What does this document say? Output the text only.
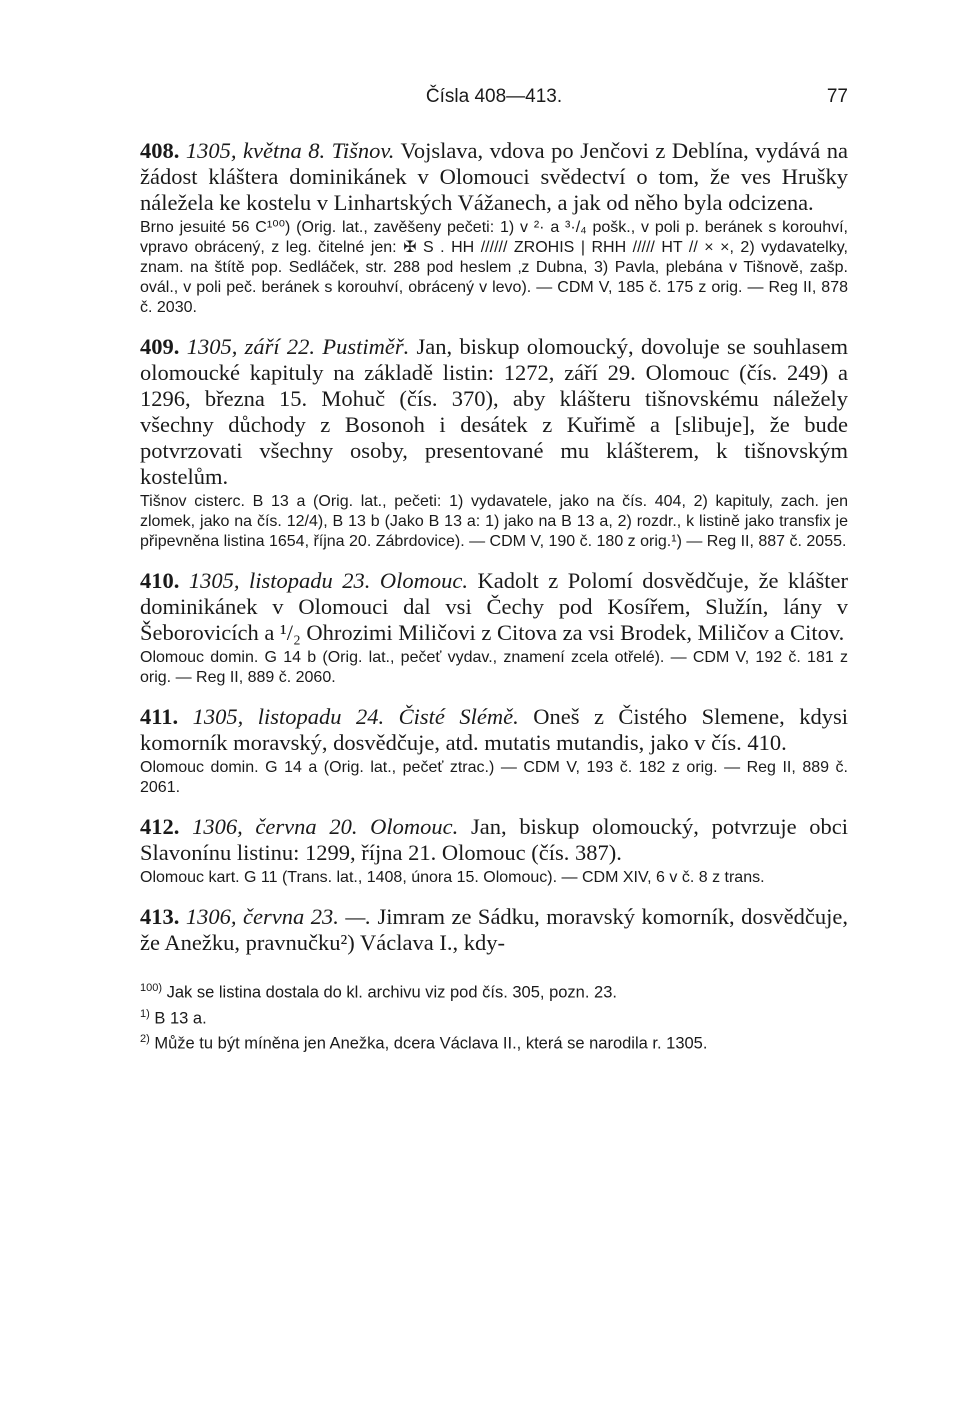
Čísla 408—413.	77
408. 1305, května 8. Tišnov. Vojslava, vdova po Jenčovi z Deblína, vydává na žádost kláštera dominikánek v Olomouci svědectví o tom, že ves Hrušky náležela ke kostelu v Linhartských Vážanech, a jak od něho byla odcizena.
Brno jesuité 56 C¹⁰⁰) (Orig. lat., zavěšeny pečeti: 1) v ²· a ³·/₄ pošk., v poli p. beránek s korouhví, vpravo obrácený, z leg. čitelné jen: ✠ S . HH ////// ZROHIS | RHH ///// HT // × ×, 2) vydavatelky, znam. na štítě pop. Sedláček, str. 288 pod heslem ‚z Dubna, 3) Pavla, plebána v Tišnově, zašp. ovál., v poli peč. beránek s korouhví, obrácený v levo). — CDM V, 185 č. 175 z orig. — Reg II, 878 č. 2030.
409. 1305, září 22. Pustiměř. Jan, biskup olomoucký, dovoluje se souhlasem olomoucké kapituly na základě listin: 1272, září 29. Olomouc (čís. 249) a 1296, března 15. Mohuč (čís. 370), aby klášteru tišnovskému náležely všechny důchody z Bosonoh i desátek z Kuřimě a [slibuje], že bude potvrzovati všechny osoby, presentované mu klášterem, k tišnovským kostelům.
Tišnov cisterc. B 13 a (Orig. lat., pečeti: 1) vydavatele, jako na čís. 404, 2) kapituly, zach. jen zlomek, jako na čís. 12/4), B 13 b (Jako B 13 a: 1) jako na B 13 a, 2) rozdr., k listině jako transfix je připevněna listina 1654, října 20. Zábrdovice). — CDM V, 190 č. 180 z orig.¹) — Reg II, 887 č. 2055.
410. 1305, listopadu 23. Olomouc. Kadolt z Polomí dosvědčuje, že klášter dominikánek v Olomouci dal vsi Čechy pod Kosířem, Služín, lány v Šeborovicích a ¹/₂ Ohrozimi Miličovi z Citova za vsi Brodek, Miličov a Citov.
Olomouc domin. G 14 b (Orig. lat., pečeť vydav., znamení zcela otřelé). — CDM V, 192 č. 181 z orig. — Reg II, 889 č. 2060.
411. 1305, listopadu 24. Čisté Slémě. Oneš z Čistého Slemene, kdysi komorník moravský, dosvědčuje, atd. mutatis mutandis, jako v čís. 410.
Olomouc domin. G 14 a (Orig. lat., pečeť ztrac.) — CDM V, 193 č. 182 z orig. — Reg II, 889 č. 2061.
412. 1306, června 20. Olomouc. Jan, biskup olomoucký, potvrzuje obci Slavonínu listinu: 1299, října 21. Olomouc (čís. 387).
Olomouc kart. G 11 (Trans. lat., 1408, února 15. Olomouc). — CDM XIV, 6 v č. 8 z trans.
413. 1306, června 23. —. Jimram ze Sádku, moravský komorník, dosvědčuje, že Anežku, pravnučku²) Václava I., kdy-
$^{100)}$ Jak se listina dostala do kl. archivu viz pod čís. 305, pozn. 23.
$^{1)}$ B 13 a.
$^{2)}$ Může tu být míněna jen Anežka, dcera Václava II., která se narodila r. 1305.
